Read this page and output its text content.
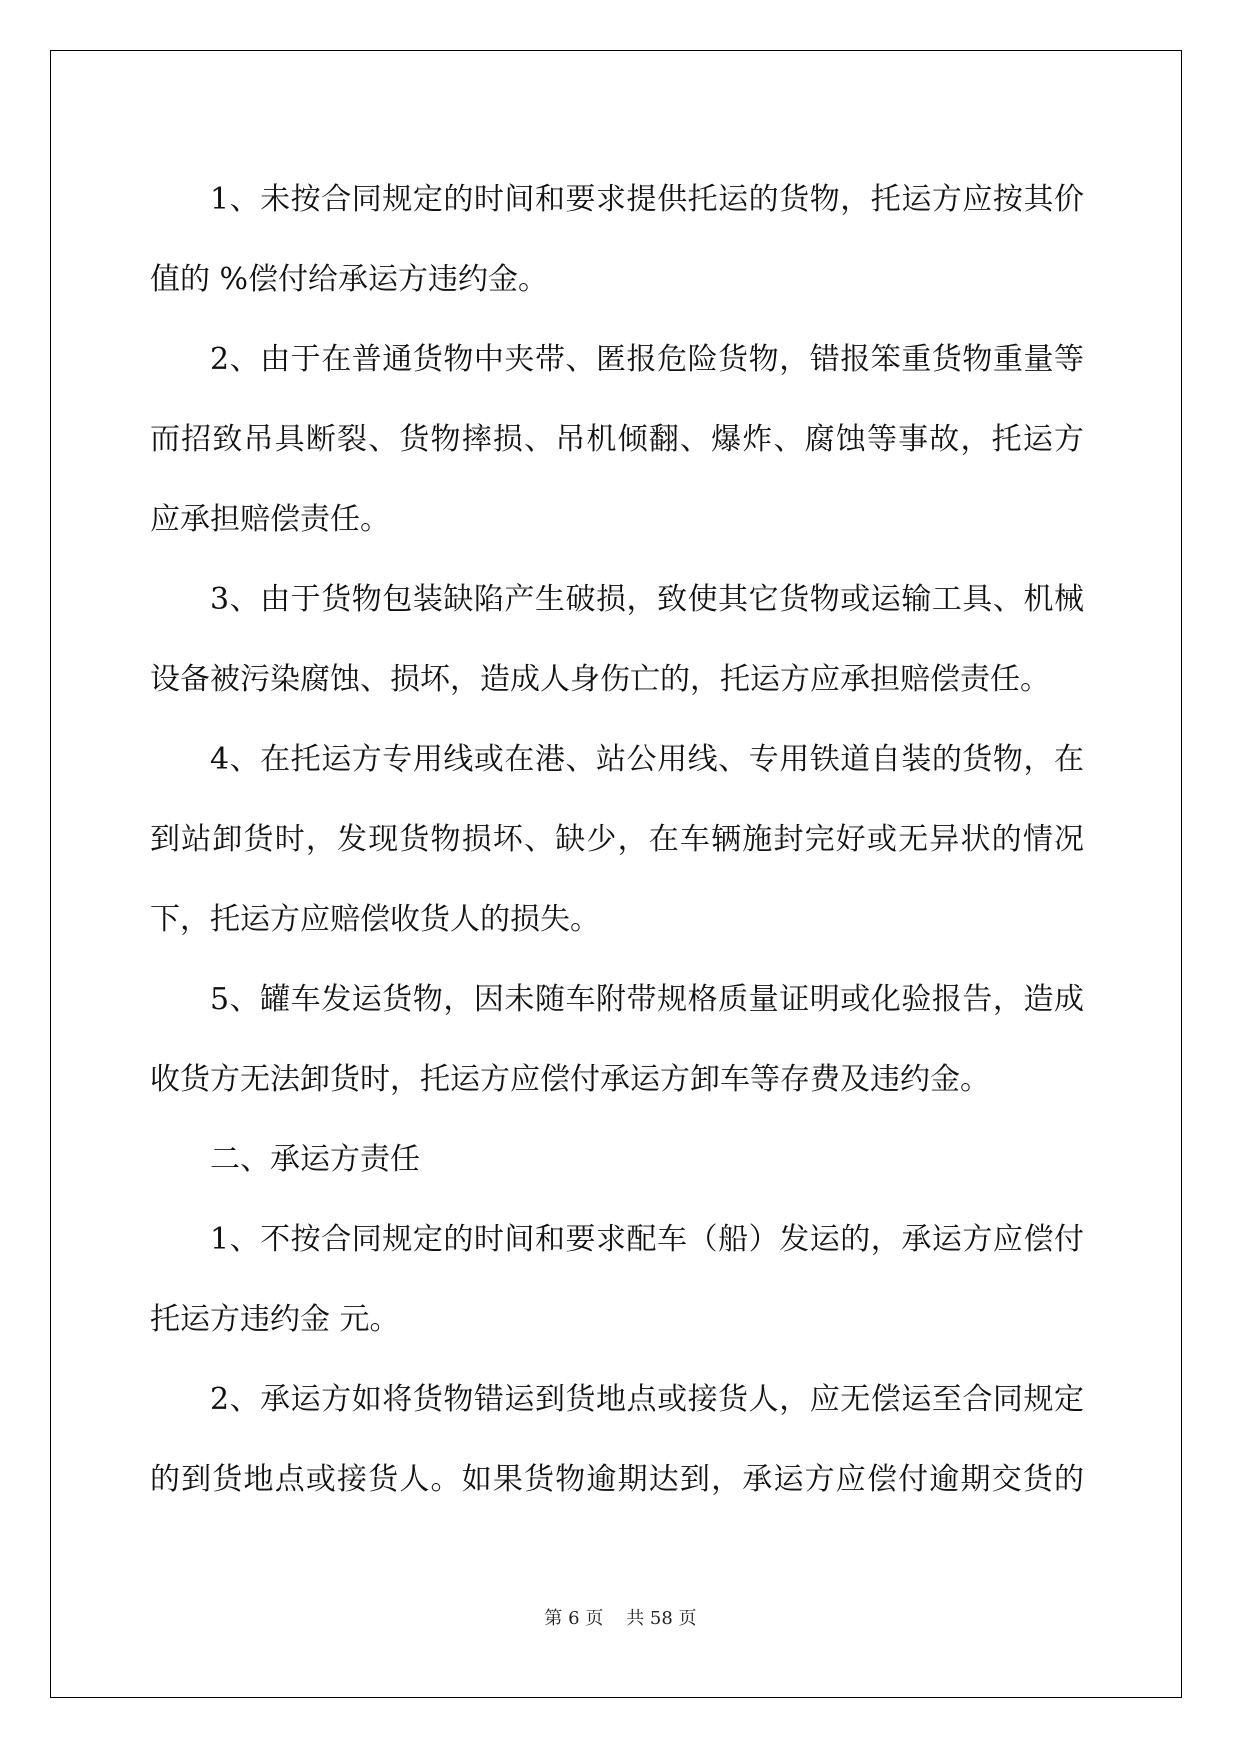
1、未按合同规定的时间和要求提供托运的货物，托运方应按其价
值的 %偿付给承运方违约金。
2、由于在普通货物中夹带、匿报危险货物，错报笨重货物重量等
而招致吊具断裂、货物摔损、吊机倾翻、爆炸、腐蚀等事故，托运方
应承担赔偿责任。
3、由于货物包装缺陷产生破损，致使其它货物或运输工具、机械
设备被污染腐蚀、损坏，造成人身伤亡的，托运方应承担赔偿责任。
4、在托运方专用线或在港、站公用线、专用铁道自装的货物，在
到站卸货时，发现货物损坏、缺少，在车辆施封完好或无异状的情况
下，托运方应赔偿收货人的损失。
5、罐车发运货物，因未随车附带规格质量证明或化验报告，造成
收货方无法卸货时，托运方应偿付承运方卸车等存费及违约金。
二、承运方责任
1、不按合同规定的时间和要求配车（船）发运的，承运方应偿付
托运方违约金 元。
2、承运方如将货物错运到货地点或接货人，应无偿运至合同规定
的到货地点或接货人。如果货物逾期达到，承运方应偿付逾期交货的
第 6 页    共 58 页
